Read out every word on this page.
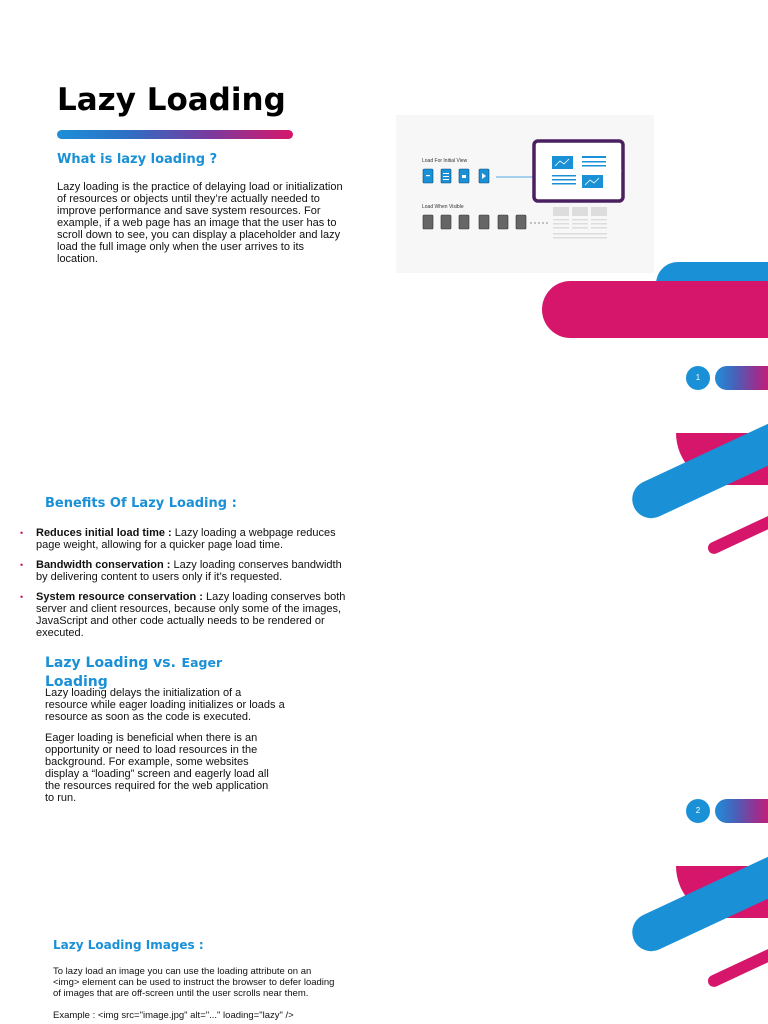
Lazy Loading
What is lazy loading ?
Lazy loading is the practice of delaying load or initialization of resources or objects until they’re actually needed to improve performance and save system resources. For example, if a web page has an image that the user has to scroll down to see, you can display a placeholder and lazy load the full image only when the user arrives to its location.
Load For Initial View
Load When Visible
1
Benefits Of Lazy Loading :
• Reduces initial load time : Lazy loading a webpage reduces page weight, allowing for a quicker page load time.
• Bandwidth conservation : Lazy loading conserves bandwidth by delivering content to users only if it’s requested.
• System resource conservation : Lazy loading conserves both server and client resources, because only some of the images, JavaScript and other code actually needs to be rendered or executed.
Lazy Loading vs. Eager
Loading
Lazy loading delays the initialization of a resource while eager loading initializes or loads a resource as soon as the code is executed.
Eager loading is beneficial when there is an opportunity or need to load resources in the background. For example, some websites display a “loading” screen and eagerly load all the resources required for the web application to run.
2
Lazy Loading Images :
To lazy load an image you can use the loading attribute on an <img> element can be used to instruct the browser to defer loading of images that are off-screen until the user scrolls near them.
Example : <img src="image.jpg" alt="..." loading="lazy" />
